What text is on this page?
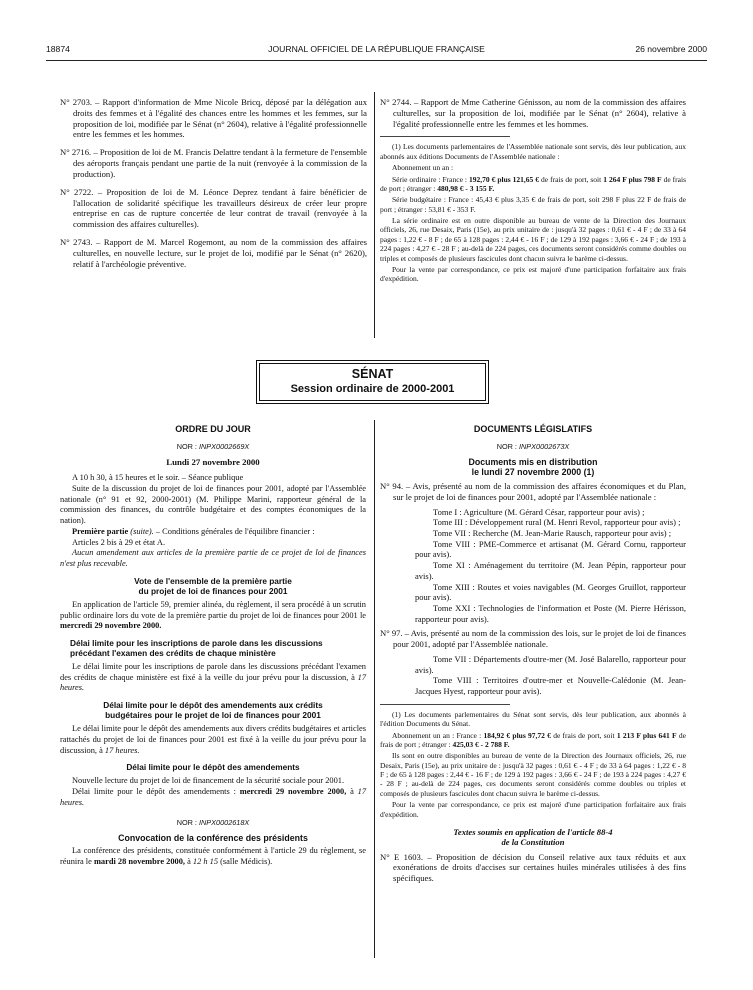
18874	JOURNAL OFFICIEL DE LA RÉPUBLIQUE FRANÇAISE	26 novembre 2000

N° 2703. – Rapport d'information de Mme Nicole Bricq, déposé par la délégation aux droits des femmes et à l'égalité des chances entre les hommes et les femmes, sur la proposition de loi, modifiée par le Sénat (n° 2604), relative à l'égalité professionnelle entre les femmes et les hommes.

N° 2716. – Proposition de loi de M. Francis Delattre tendant à la fermeture de l'ensemble des aéroports français pendant une partie de la nuit (renvoyée à la commission de la production).

N° 2722. – Proposition de loi de M. Léonce Deprez tendant à faire bénéficier de l'allocation de solidarité spécifique les travailleurs désireux de créer leur propre entreprise en cas de rupture concertée de leur contrat de travail (renvoyée à la commission des affaires culturelles).

N° 2743. – Rapport de M. Marcel Rogemont, au nom de la commission des affaires culturelles, en nouvelle lecture, sur le projet de loi, modifié par le Sénat (n° 2620), relatif à l'archéologie préventive.

N° 2744. – Rapport de Mme Catherine Génisson, au nom de la commission des affaires culturelles, sur la proposition de loi, modifiée par le Sénat (n° 2604), relative à l'égalité professionnelle entre les femmes et les hommes.

(1) Les documents parlementaires de l'Assemblée nationale sont servis, dès leur publication, aux abonnés aux éditions Documents de l'Assemblée nationale :

Abonnement un an :

Série ordinaire : France : 192,70 € plus 121,65 € de frais de port, soit 1 264 F plus 798 F de frais de port ; étranger : 480,98 € - 3 155 F.

Série budgétaire : France : 45,43 € plus 3,35 € de frais de port, soit 298 F plus 22 F de frais de port ; étranger : 53,81 € - 353 F.

La série ordinaire est en outre disponible au bureau de vente de la Direction des Journaux officiels, 26, rue Desaix, Paris (15e), au prix unitaire de : jusqu'à 32 pages : 0,61 € - 4 F ; de 33 à 64 pages : 1,22 € - 8 F ; de 65 à 128 pages : 2,44 € - 16 F ; de 129 à 192 pages : 3,66 € - 24 F ; de 193 à 224 pages : 4,27 € - 28 F ; au-delà de 224 pages, ces documents seront considérés comme doubles ou triples et composés de plusieurs fascicules dont chacun suivra le barème ci-dessus.

Pour la vente par correspondance, ce prix est majoré d'une participation forfaitaire aux frais d'expédition.

SÉNAT
Session ordinaire de 2000-2001
ORDRE DU JOUR
NOR : INPX0002669X
Lundi 27 novembre 2000

A 10 h 30, à 15 heures et le soir. – Séance publique

Suite de la discussion du projet de loi de finances pour 2001, adopté par l'Assemblée nationale (n° 91 et 92, 2000-2001) (M. Philippe Marini, rapporteur général de la commission des finances, du contrôle budgétaire et des comptes économiques de la nation).

Première partie (suite). – Conditions générales de l'équilibre financier :

Articles 2 bis à 29 et état A.

Aucun amendement aux articles de la première partie de ce projet de loi de finances n'est plus recevable.

Vote de l'ensemble de la première partie
du projet de loi de finances pour 2001

En application de l'article 59, premier alinéa, du règlement, il sera procédé à un scrutin public ordinaire lors du vote de la première partie du projet de loi de finances pour 2001 le mercredi 29 novembre 2000.

Délai limite pour les inscriptions de parole dans les discussions précédant l'examen des crédits de chaque ministère

Le délai limite pour les inscriptions de parole dans les discussions précédant l'examen des crédits de chaque ministère est fixé à la veille du jour prévu pour la discussion, à 17 heures.

Délai limite pour le dépôt des amendements aux crédits budgétaires pour le projet de loi de finances pour 2001

Le délai limite pour le dépôt des amendements aux divers crédits budgétaires et articles rattachés du projet de loi de finances pour 2001 est fixé à la veille du jour prévu pour la discussion, à 17 heures.

Délai limite pour le dépôt des amendements

Nouvelle lecture du projet de loi de financement de la sécurité sociale pour 2001.

Délai limite pour le dépôt des amendements : mercredi 29 novembre 2000, à 17 heures.

NOR : INPX0002618X
Convocation de la conférence des présidents

La conférence des présidents, constituée conformément à l'article 29 du règlement, se réunira le mardi 28 novembre 2000, à 12 h 15 (salle Médicis).

DOCUMENTS LÉGISLATIFS
NOR : INPX0002673X
Documents mis en distribution
le lundi 27 novembre 2000 (1)

N° 94. – Avis, présenté au nom de la commission des affaires économiques et du Plan, sur le projet de loi de finances pour 2001, adopté par l'Assemblée nationale :

Tome I : Agriculture (M. Gérard César, rapporteur pour avis) ;

Tome III : Développement rural (M. Henri Revol, rapporteur pour avis) ;

Tome VII : Recherche (M. Jean-Marie Rausch, rapporteur pour avis) ;

Tome VIII : PME-Commerce et artisanat (M. Gérard Cornu, rapporteur pour avis).

Tome XI : Aménagement du territoire (M. Jean Pépin, rapporteur pour avis).

Tome XIII : Routes et voies navigables (M. Georges Gruillot, rapporteur pour avis).

Tome XXI : Technologies de l'information et Poste (M. Pierre Hérisson, rapporteur pour avis).

N° 97. – Avis, présenté au nom de la commission des lois, sur le projet de loi de finances pour 2001, adopté par l'Assemblée nationale.

Tome VII : Départements d'outre-mer (M. José Balarello, rapporteur pour avis).

Tome VIII : Territoires d'outre-mer et Nouvelle-Calédonie (M. Jean-Jacques Hyest, rapporteur pour avis).

(1) Les documents parlementaires du Sénat sont servis, dès leur publication, aux abonnés à l'édition Documents du Sénat.

Abonnement un an : France : 184,92 € plus 97,72 € de frais de port, soit 1 213 F plus 641 F de frais de port ; étranger : 425,03 € - 2 788 F.

Ils sont en outre disponibles au bureau de vente de la Direction des Journaux officiels, 26, rue Desaix, Paris (15e), au prix unitaire de : jusqu'à 32 pages : 0,61 € - 4 F ; de 33 à 64 pages : 1,22 € - 8 F ; de 65 à 128 pages : 2,44 € - 16 F ; de 129 à 192 pages : 3,66 € - 24 F ; de 193 à 224 pages : 4,27 € - 28 F ; au-delà de 224 pages, ces documents seront considérés comme doubles ou triples et composés de plusieurs fascicules dont chacun suivra le barème ci-dessus.

Pour la vente par correspondance, ce prix est majoré d'une participation forfaitaire aux frais d'expédition.

Textes soumis en application de l'article 88-4
de la Constitution

N° E 1603. – Proposition de décision du Conseil relative aux taux réduits et aux exonérations de droits d'accises sur certaines huiles minérales utilisées à des fins spécifiques.
